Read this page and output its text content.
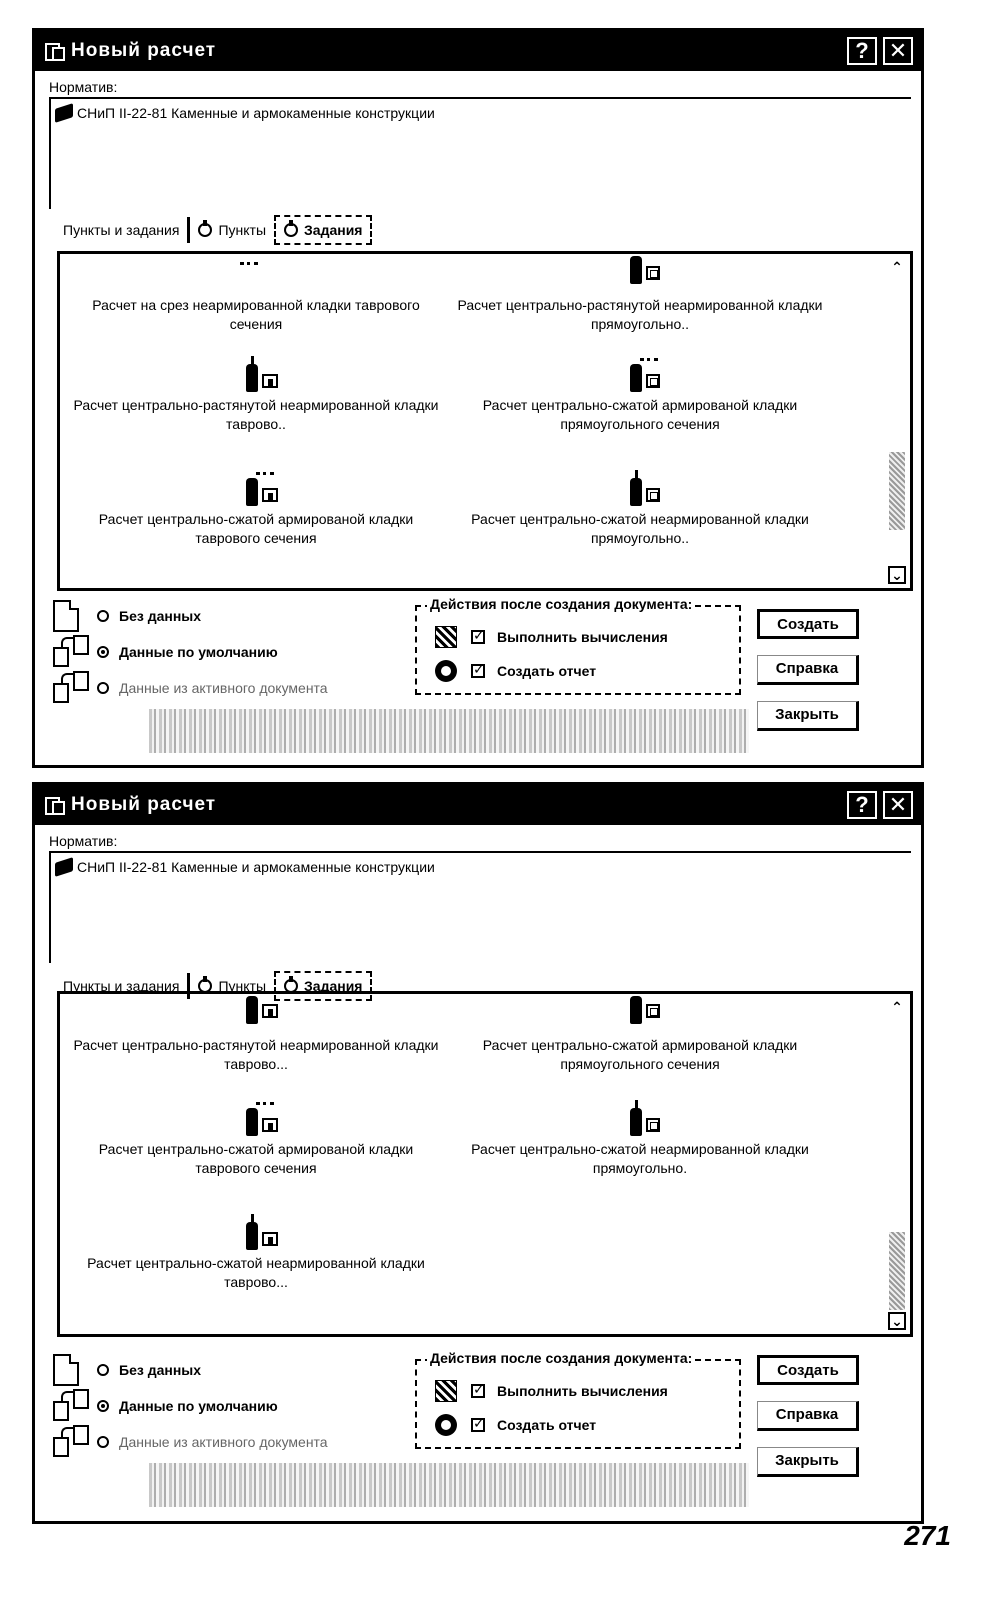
Новый расчет	? ✕
Норматив:
СНиП II-22-81 Каменные и армокаменные конструкции
Пункты и задания	Пункты	Задания
Расчет на срез неармированной кладки таврового сечения
Расчет центрально-растянутой неармированной кладки прямоугольно..
Расчет центрально-растянутой неармированной кладки таврово..
Расчет центрально-сжатой армированой кладки прямоугольного сечения
Расчет центрально-сжатой армированой кладки таврового сечения
Расчет центрально-сжатой неармированной кладки прямоугольно..
⌃
⌄
Без данных
Данные по умолчанию
Данные из активного документа
Действия после создания документа:
✓
Выполнить вычисления
✓
Создать отчет
Создать
Справка
Закрыть
Новый расчет	? ✕
Норматив:
СНиП II-22-81 Каменные и армокаменные конструкции
Пункты и задания	Пункты	Задания
Расчет центрально-растянутой неармированной кладки таврово...
Расчет центрально-сжатой армированой кладки прямоугольного сечения
Расчет центрально-сжатой армированой кладки таврового сечения
Расчет центрально-сжатой неармированной кладки прямоугольно.
Расчет центрально-сжатой неармированной кладки таврово...
⌃
⌄
Без данных
Данные по умолчанию
Данные из активного документа
Действия после создания документа:
✓
Выполнить вычисления
✓
Создать отчет
Создать
Справка
Закрыть
271
